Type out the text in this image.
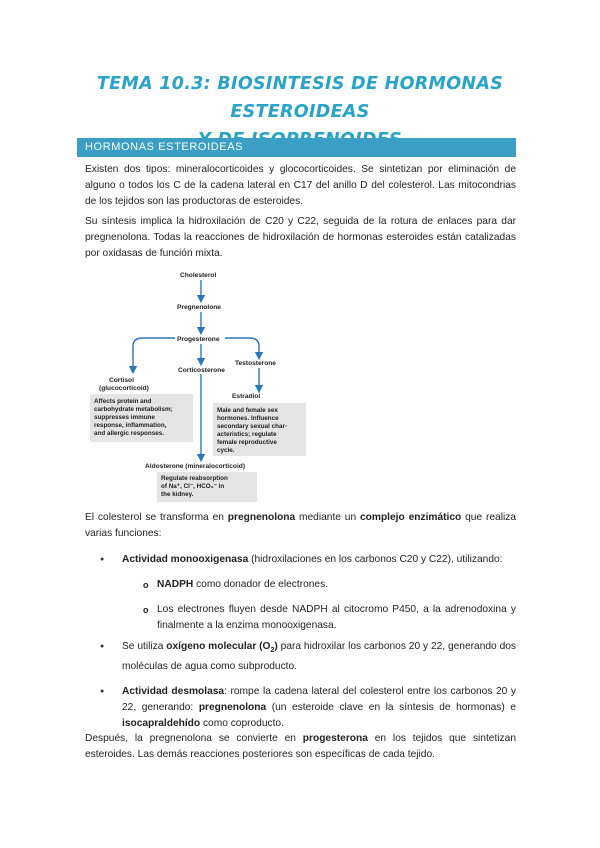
TEMA 10.3: BIOSINTESIS DE HORMONAS ESTEROIDEAS
HORMONAS ESTEROIDEAS

Existen dos tipos: mineralocorticoides y glococorticoides. Se sintetizan por eliminación de alguno o todos los C de la cadena lateral en C17 del anillo D del colesterol. Las mitocondrias de los tejidos son las productoras de esteroides.

Su síntesis implica la hidroxilación de C20 y C22, seguida de la rotura de enlaces para dar pregnenolona. Todas la reacciones de hidroxilación de hormonas esteroides están catalizadas por oxidasas de función mixta.

Cholesterol
Pregnenolone
Progesterone
Corticosterone
Testosterone
Cortisol
(glucocorticoid)
Estradiol
Aldosterone (mineralocorticoid)
Affects protein and
carbohydrate metabolism;
suppresses immune
response, inflammation,
and allergic responses.
Male and female sex
hormones. Influence
secondary sexual char-
acteristics; regulate
female reproductive
cycle.
Regulate reabsorption
of Na⁺, Cl⁻, HCO₃⁻ in
the kidney.

El colesterol se transforma en pregnenolona mediante un complejo enzimático que realiza varias funciones:

● Actividad monooxigenasa (hidroxilaciones en los carbonos C20 y C22), utilizando:
o NADPH como donador de electrones.
o Los electrones fluyen desde NADPH al citocromo P450, a la adrenodoxina y finalmente a la enzima monooxigenasa.
● Se utiliza oxígeno molecular $(O_2)$ para hidroxilar los carbonos 20 y 22, generando dos moléculas de agua como subproducto.
● Actividad desmolasa: rompe la cadena lateral del colesterol entre los carbonos 20 y 22, generando: pregnenolona (un esteroide clave en la síntesis de hormonas) e isocapraldehído como coproducto.

Después, la pregnenolona se convierte en progesterona en los tejidos que sintetizan esteroides. Las demás reacciones posteriores son específicas de cada tejido.
